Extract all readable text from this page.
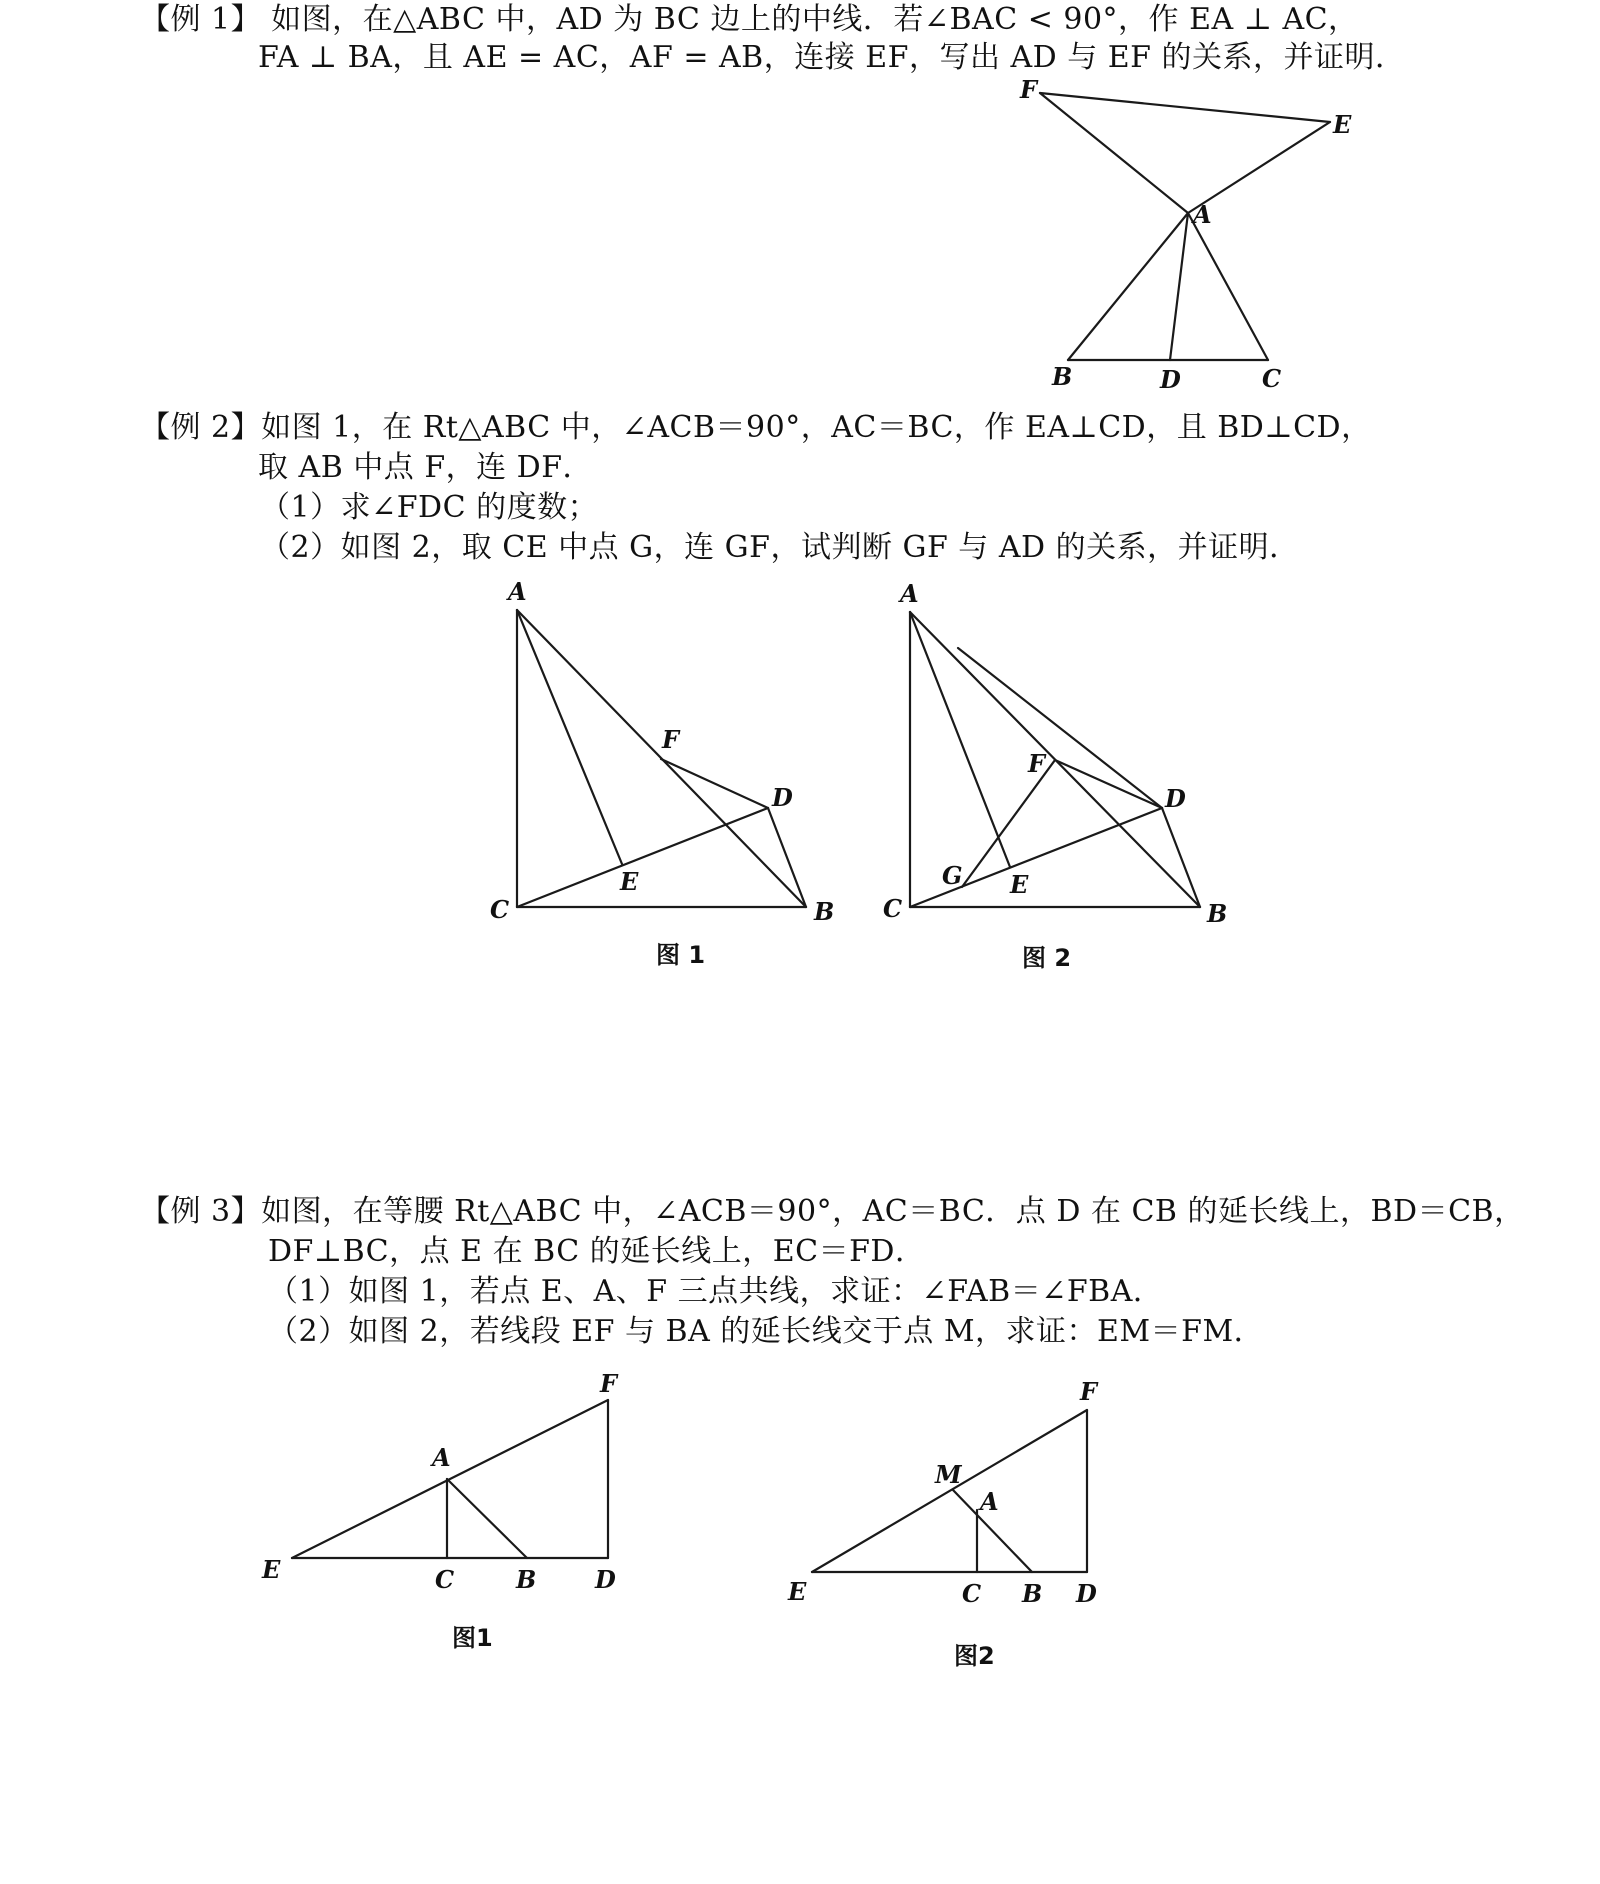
【例 1】 如图，在△ABC 中，AD 为 BC 边上的中线．若∠BAC < 90°，作 EA ⊥ AC，
FA ⊥ BA，且 AE = AC，AF = AB，连接 EF，写出 AD 与 EF 的关系，并证明．
F
E
A
B	D	C
【例 2】如图 1，在 Rt△ABC 中，∠ACB＝90°，AC＝BC，作 EA⊥CD，且 BD⊥CD，
取 AB 中点 F，连 DF．
（1）求∠FDC 的度数；
（2）如图 2，取 CE 中点 G，连 GF，试判断 GF 与 AD 的关系，并证明．
A
F
D
E
C	B
图 1
A
F
D
G E
C	B
图 2
【例 3】如图，在等腰 Rt△ABC 中，∠ACB＝90°，AC＝BC．点 D 在 CB 的延长线上，BD＝CB，
DF⊥BC，点 E 在 BC 的延长线上，EC＝FD．
（1）如图 1，若点 E、A、F 三点共线，求证：∠FAB＝∠FBA．
（2）如图 2，若线段 EF 与 BA 的延长线交于点 M，求证：EM＝FM．
F
A
E	C	B D
图1
F
M
A
E	C B D
图2
